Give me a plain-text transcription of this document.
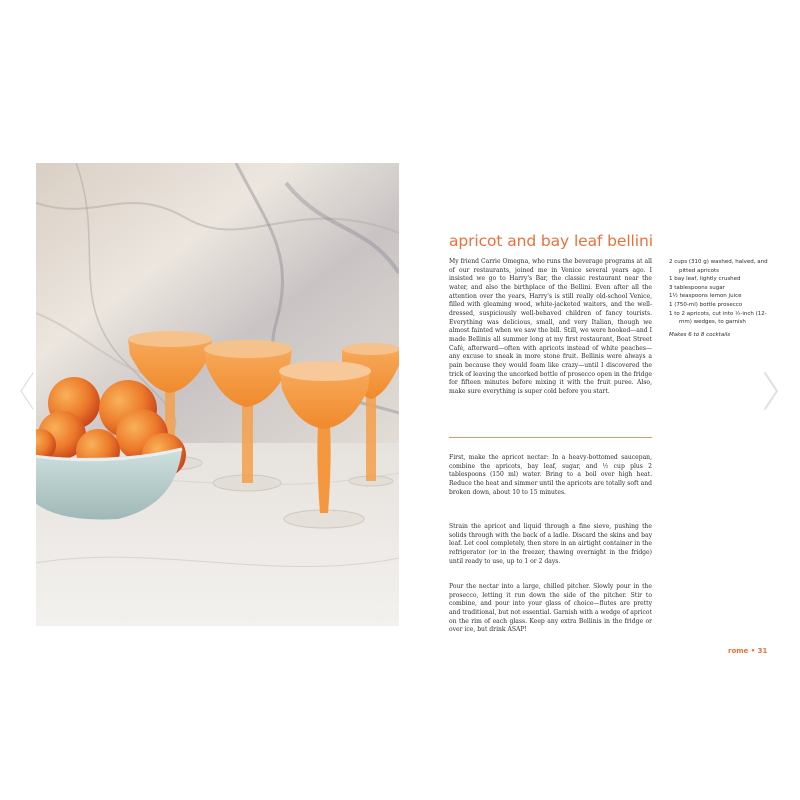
apricot and bay leaf bellini
My friend Carrie Omegna, who runs the beverage programs at all of our restaurants, joined me in Venice several years ago. I insisted we go to Harry's Bar, the classic restaurant near the water, and also the birthplace of the Bellini. Even after all the attention over the years, Harry's is still really old-school Venice, filled with gleaming wood, white-jacketed waiters, and the well-dressed, suspiciously well-behaved children of fancy tourists. Everything was delicious, small, and very Italian, though we almost fainted when we saw the bill. Still, we were hooked—and I made Bellinis all summer long at my first restaurant, Boat Street Café, afterward—often with apricots instead of white peaches—any excuse to sneak in more stone fruit. Bellinis were always a pain because they would foam like crazy—until I discovered the trick of leaving the uncorked bottle of prosecco open in the fridge for fifteen minutes before mixing it with the fruit puree. Also, make sure everything is super cold before you start.
First, make the apricot nectar: In a heavy-bottomed saucepan, combine the apricots, bay leaf, sugar, and ½ cup plus 2 tablespoons (150 ml) water. Bring to a boil over high heat. Reduce the heat and simmer until the apricots are totally soft and broken down, about 10 to 15 minutes.
Strain the apricot and liquid through a fine sieve, pushing the solids through with the back of a ladle. Discard the skins and bay leaf. Let cool completely, then store in an airtight container in the refrigerator (or in the freezer, thawing overnight in the fridge) until ready to use, up to 1 or 2 days.
Pour the nectar into a large, chilled pitcher. Slowly pour in the prosecco, letting it run down the side of the pitcher. Stir to combine, and pour into your glass of choice—flutes are pretty and traditional, but not essential. Garnish with a wedge of apricot on the rim of each glass. Keep any extra Bellinis in the fridge or over ice, but drink ASAP!
2 cups (310 g) washed, halved, and pitted apricots
1 bay leaf, lightly crushed
3 tablespoons sugar
1½ teaspoons lemon juice
1 (750-ml) bottle prosecco
1 to 2 apricots, cut into ½-inch (12-mm) wedges, to garnish
Makes 6 to 8 cocktails
rome • 31
